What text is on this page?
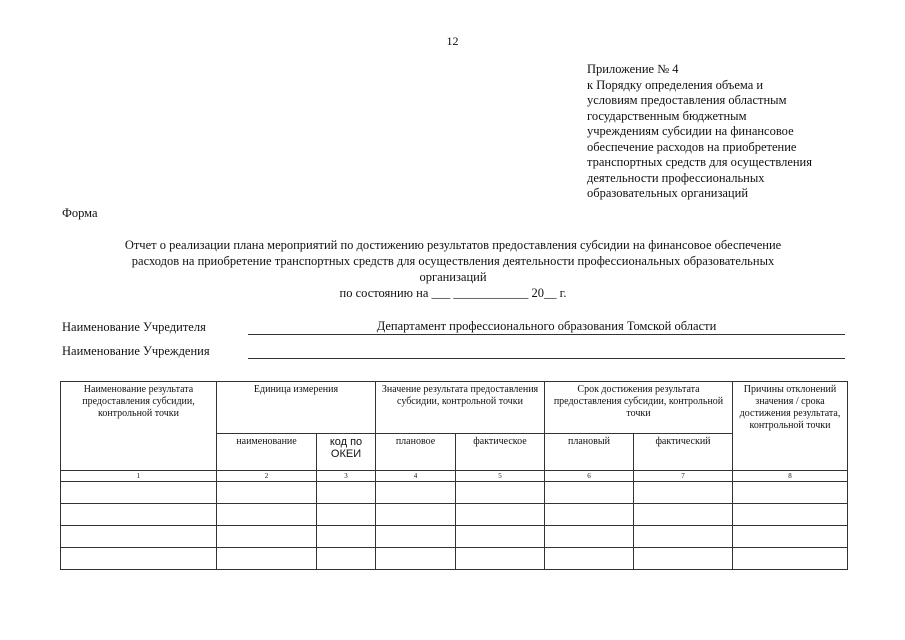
12
Приложение № 4
к Порядку определения объема и
условиям предоставления областным
государственным бюджетным
учреждениям субсидии на финансовое
обеспечение расходов на приобретение
транспортных средств для осуществления
деятельности профессиональных
образовательных организаций
Форма
Отчет о реализации плана мероприятий по достижению результатов предоставления субсидии на финансовое обеспечение
расходов на приобретение транспортных средств для осуществления деятельности профессиональных образовательных
организаций
по состоянию на ___ ____________ 20__ г.
Наименование Учредителя	Департамент профессионального образования Томской области
Наименование Учреждения
Наименование результата предоставления субсидии, контрольной точки	Единица измерения		Значение результата предоставления субсидии, контрольной точки		Срок достижения результата предоставления субсидии, контрольной точки		Причины отклонений значения / срока достижения результата, контрольной точки
	наименование	код по ОКЕИ	плановое	фактическое	плановый	фактический	
1	2	3	4	5	6	7	8
